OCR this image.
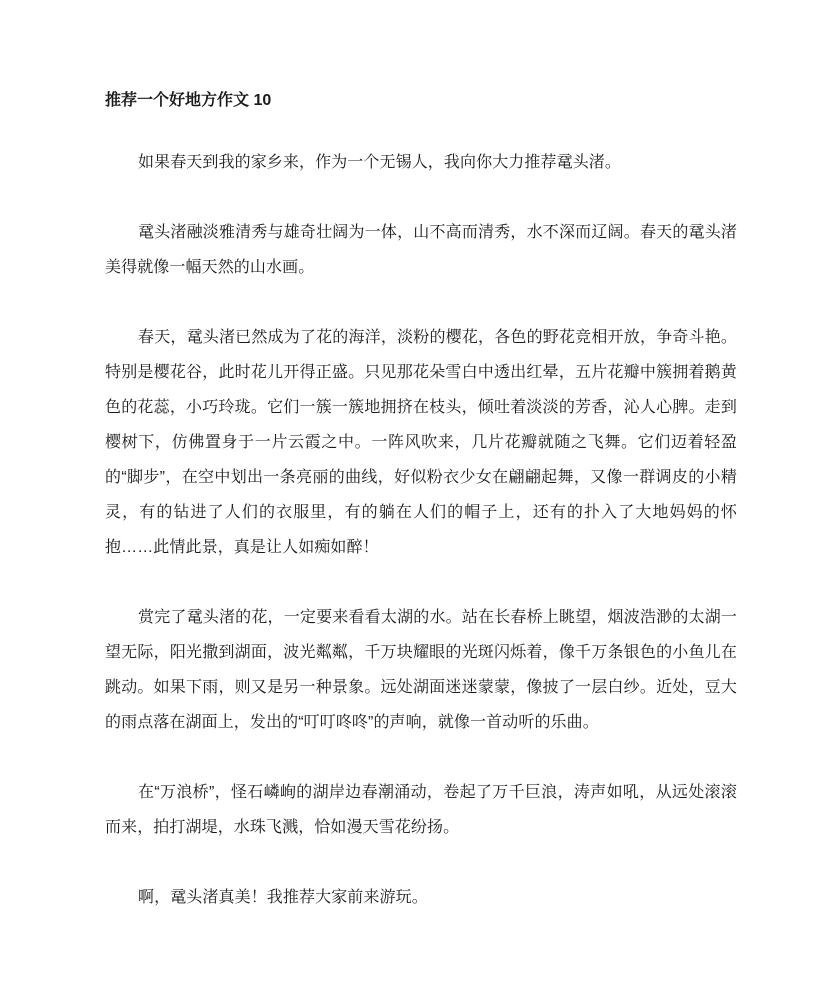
推荐一个好地方作文 10

如果春天到我的家乡来，作为一个无锡人，我向你大力推荐鼋头渚。

鼋头渚融淡雅清秀与雄奇壮阔为一体，山不高而清秀，水不深而辽阔。春天的鼋头渚美得就像一幅天然的山水画。

春天，鼋头渚已然成为了花的海洋，淡粉的樱花，各色的野花竞相开放，争奇斗艳。特别是樱花谷，此时花儿开得正盛。只见那花朵雪白中透出红晕，五片花瓣中簇拥着鹅黄色的花蕊，小巧玲珑。它们一簇一簇地拥挤在枝头，倾吐着淡淡的芳香，沁人心脾。走到樱树下，仿佛置身于一片云霞之中。一阵风吹来，几片花瓣就随之飞舞。它们迈着轻盈的“脚步”，在空中划出一条亮丽的曲线，好似粉衣少女在翩翩起舞，又像一群调皮的小精灵，有的钻进了人们的衣服里，有的躺在人们的帽子上，还有的扑入了大地妈妈的怀抱……此情此景，真是让人如痴如醉！

赏完了鼋头渚的花，一定要来看看太湖的水。站在长春桥上眺望，烟波浩渺的太湖一望无际，阳光撒到湖面，波光粼粼，千万块耀眼的光斑闪烁着，像千万条银色的小鱼儿在跳动。如果下雨，则又是另一种景象。远处湖面迷迷蒙蒙，像披了一层白纱。近处，豆大的雨点落在湖面上，发出的“叮叮咚咚”的声响，就像一首动听的乐曲。

在“万浪桥”，怪石嶙峋的湖岸边春潮涌动，卷起了万千巨浪，涛声如吼，从远处滚滚而来，拍打湖堤，水珠飞溅，恰如漫天雪花纷扬。

啊，鼋头渚真美！我推荐大家前来游玩。
